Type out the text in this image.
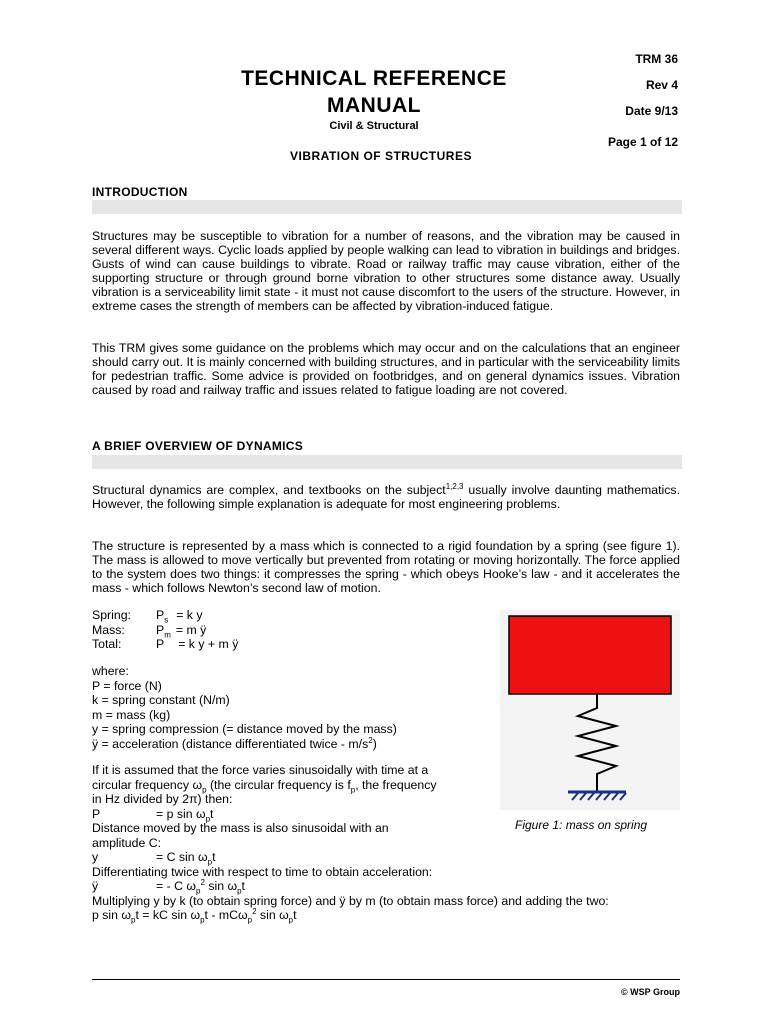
TRM 36
Rev 4
Date 9/13
Page 1 of 12
TECHNICAL REFERENCE
MANUAL
Civil & Structural
VIBRATION OF STRUCTURES
INTRODUCTION

Structures may be susceptible to vibration for a number of reasons, and the vibration may be caused in several different ways. Cyclic loads applied by people walking can lead to vibration in buildings and bridges. Gusts of wind can cause buildings to vibrate. Road or railway traffic may cause vibration, either of the supporting structure or through ground borne vibration to other structures some distance away. Usually vibration is a serviceability limit state - it must not cause discomfort to the users of the structure. However, in extreme cases the strength of members can be affected by vibration-induced fatigue.

This TRM gives some guidance on the problems which may occur and on the calculations that an engineer should carry out. It is mainly concerned with building structures, and in particular with the serviceability limits for pedestrian traffic. Some advice is provided on footbridges, and on general dynamics issues. Vibration caused by road and railway traffic and issues related to fatigue loading are not covered.

A BRIEF OVERVIEW OF DYNAMICS

Structural dynamics are complex, and textbooks on the subject$^{1,2,3}$ usually involve daunting mathematics. However, the following simple explanation is adequate for most engineering problems.

The structure is represented by a mass which is connected to a rigid foundation by a spring (see figure 1). The mass is allowed to move vertically but prevented from rotating or moving horizontally. The force applied to the system does two things: it compresses the spring - which obeys Hooke’s law - and it accelerates the mass - which follows Newton’s second law of motion.

Spring: $P_s = k$ y
Mass:	$P_m = m$ ÿ
Total:	P = k y + m ÿ
where:
P = force (N)
k = spring constant (N/m)
m = mass (kg)
y = spring compression (= distance moved by the mass)
ÿ = acceleration (distance differentiated twice - $m/s^2$)
If it is assumed that the force varies sinusoidally with time at a
circular frequency $\omega_p$ (the circular frequency is $f_p$, the frequency
in Hz divided by 2π) then:
P	= p $\sin \omega_pt$
Distance moved by the mass is also sinusoidal with an
amplitude C:
y	= C $\sin \omega_pt$
Differentiating twice with respect to time to obtain acceleration:
ÿ	= - C $\omega_p^2$ $\sin \omega_pt$
Multiplying y by k (to obtain spring force) and ÿ by m (to obtain mass force) and adding the two:
p $\sin \omega_pt$ = kC $\sin \omega_pt - mC\omega_p^2$ $\sin \omega_pt$
Figure 1: mass on spring
© WSP Group
